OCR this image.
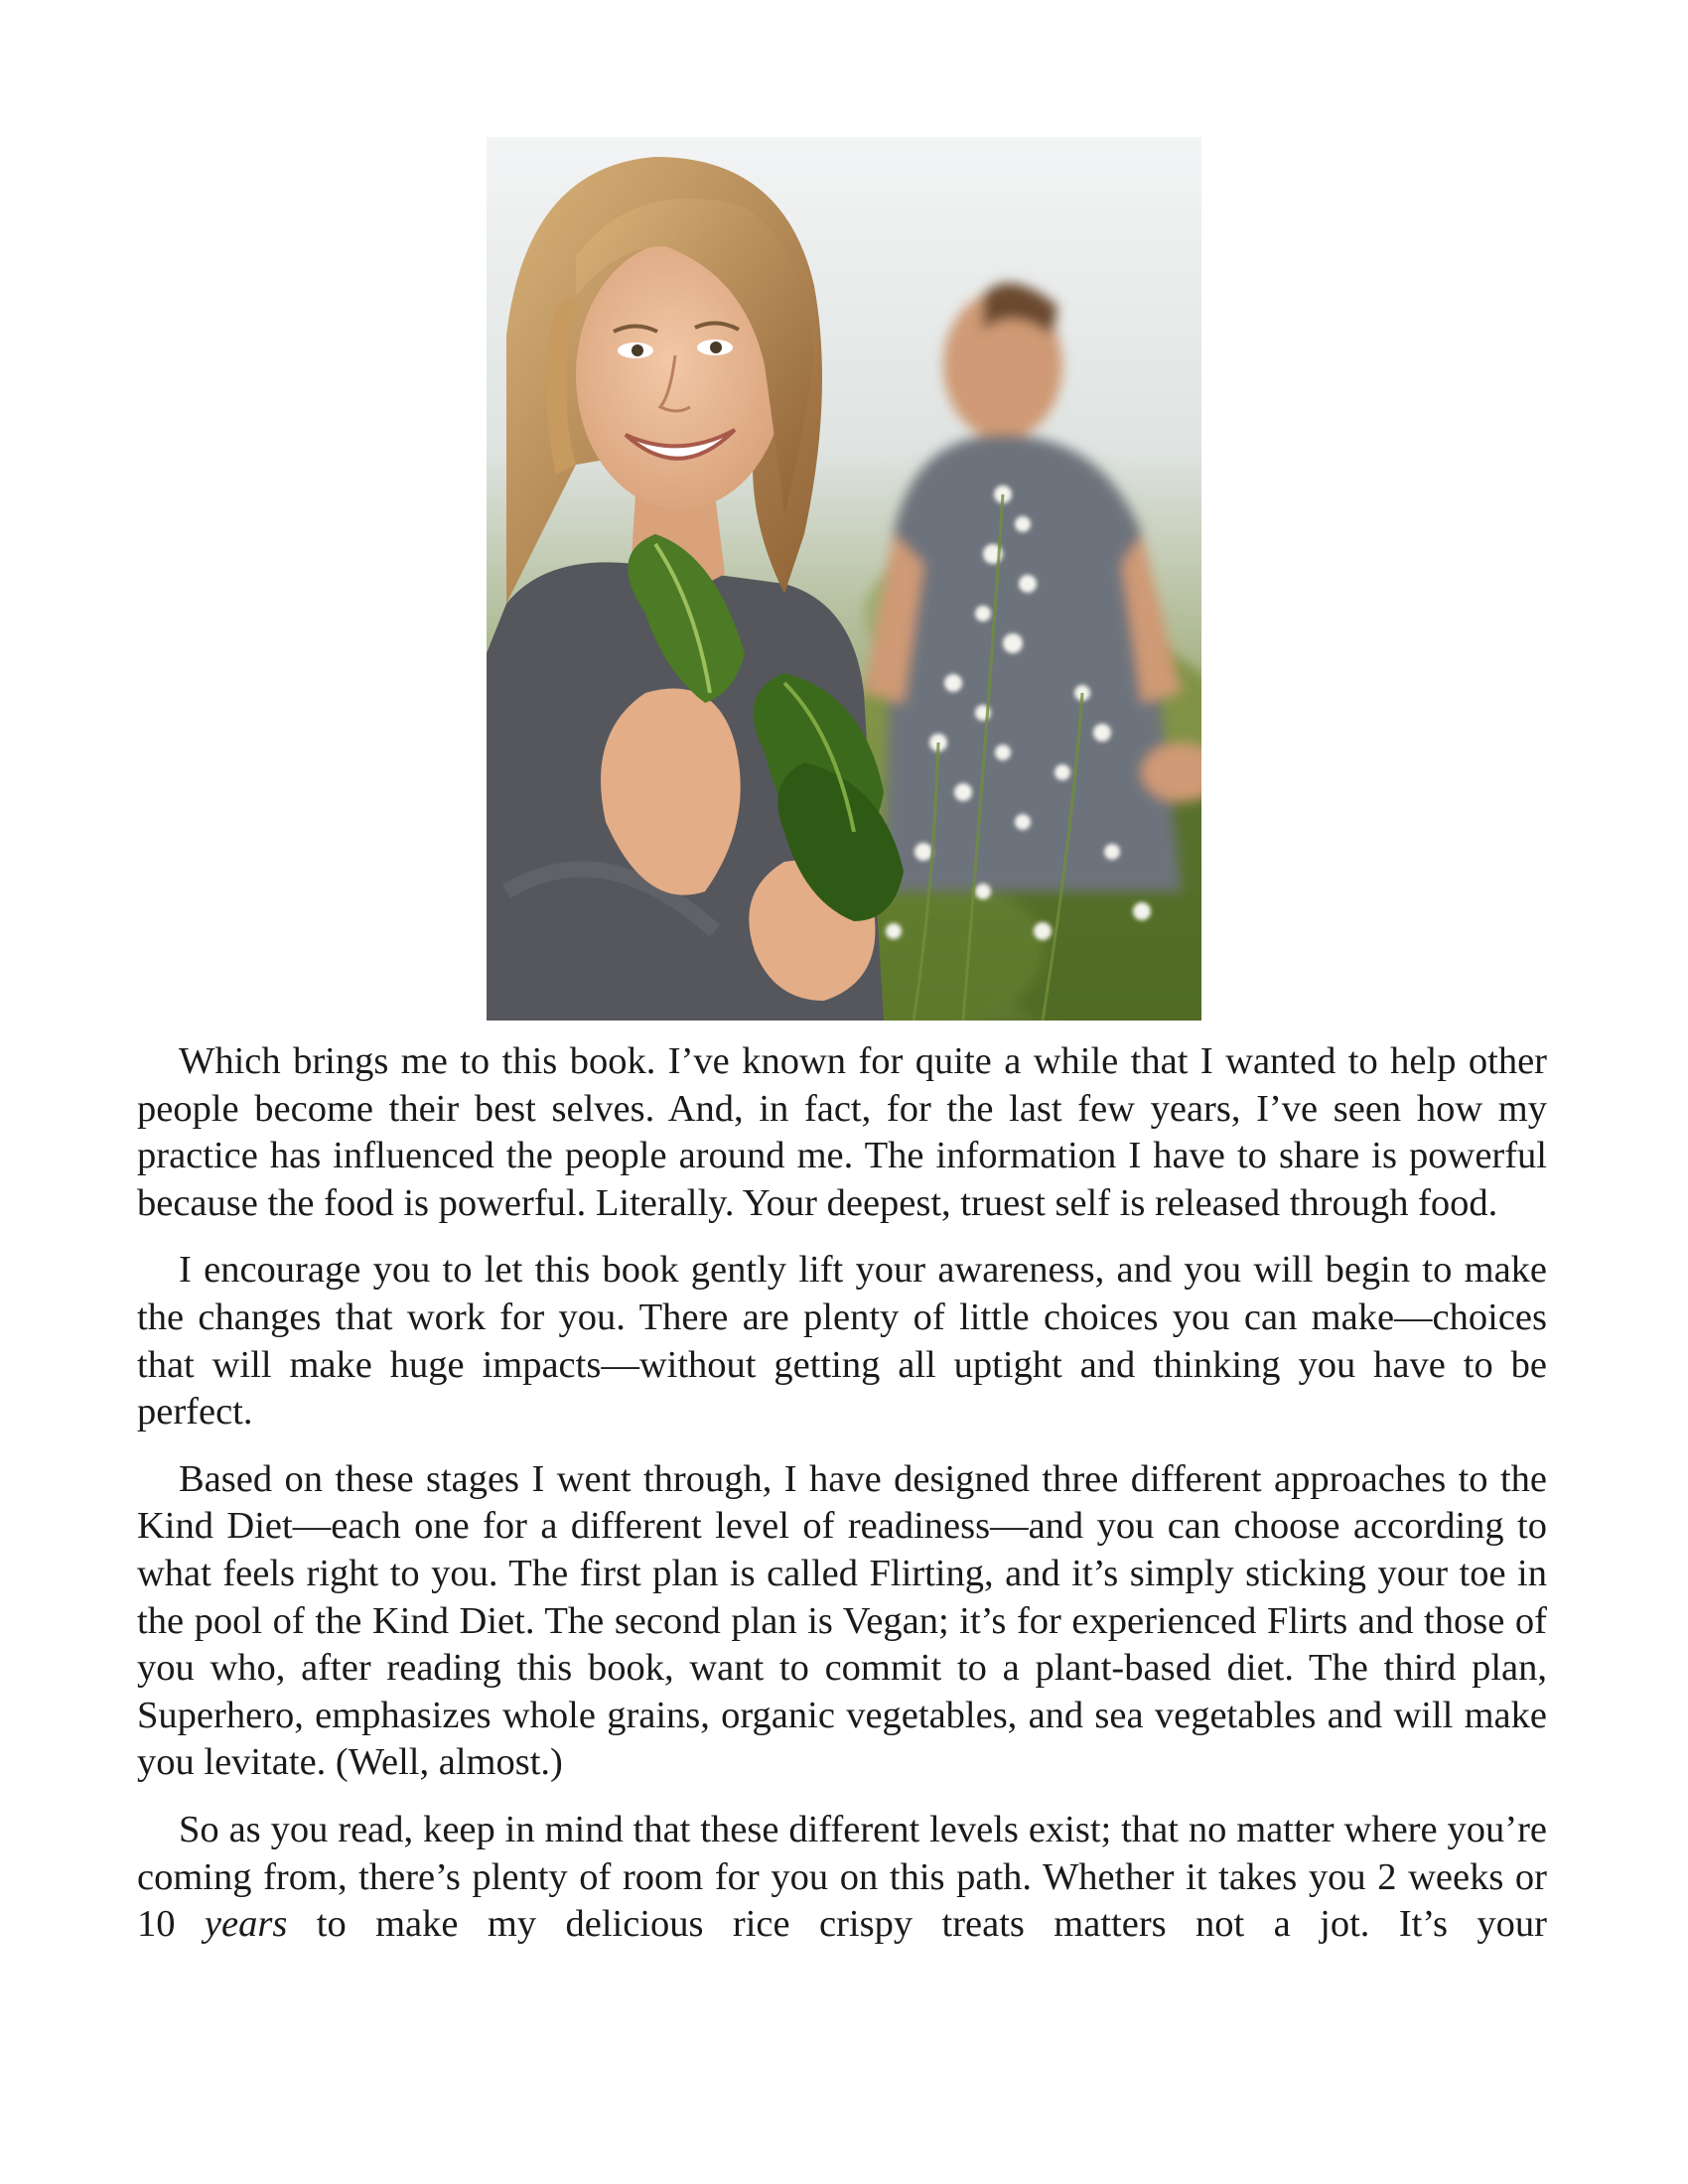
Which brings me to this book. I’ve known for quite a while that I wanted to help other people become their best selves. And, in fact, for the last few years, I’ve seen how my practice has influenced the people around me. The information I have to share is powerful because the food is powerful. Literally. Your deepest, truest self is released through food.

I encourage you to let this book gently lift your awareness, and you will begin to make the changes that work for you. There are plenty of little choices you can make—choices that will make huge impacts—without getting all uptight and thinking you have to be perfect.

Based on these stages I went through, I have designed three different approaches to the Kind Diet—each one for a different level of readiness—and you can choose according to what feels right to you. The first plan is called Flirting, and it’s simply sticking your toe in the pool of the Kind Diet. The second plan is Vegan; it’s for experienced Flirts and those of you who, after reading this book, want to commit to a plant-based diet. The third plan, Superhero, emphasizes whole grains, organic vegetables, and sea vegetables and will make you levitate. (Well, almost.)

So as you read, keep in mind that these different levels exist; that no matter where you’re coming from, there’s plenty of room for you on this path. Whether it takes you 2 weeks or 10 years to make my delicious rice crispy treats matters not a jot. It’s your
